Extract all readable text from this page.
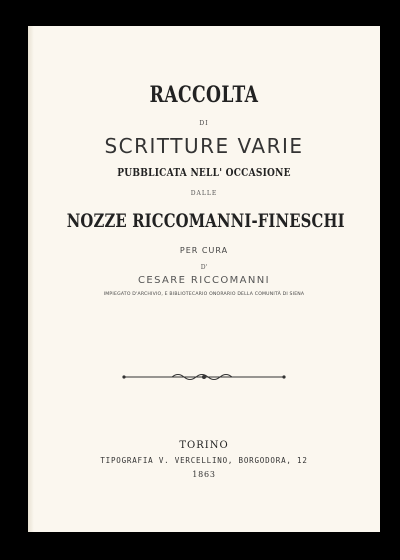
RACCOLTA
DI
SCRITTURE VARIE
PUBBLICATA NELL' OCCASIONE
DALLE
NOZZE RICCOMANNI-FINESCHI
PER CURA
D'
CESARE RICCOMANNI
IMPIEGATO D'ARCHIVIO, E BIBLIOTECARIO ONORARIO DELLA COMUNITÀ DI SIENA
TORINO
TIPOGRAFIA V. VERCELLINO, BORGODORA, 12
1863
